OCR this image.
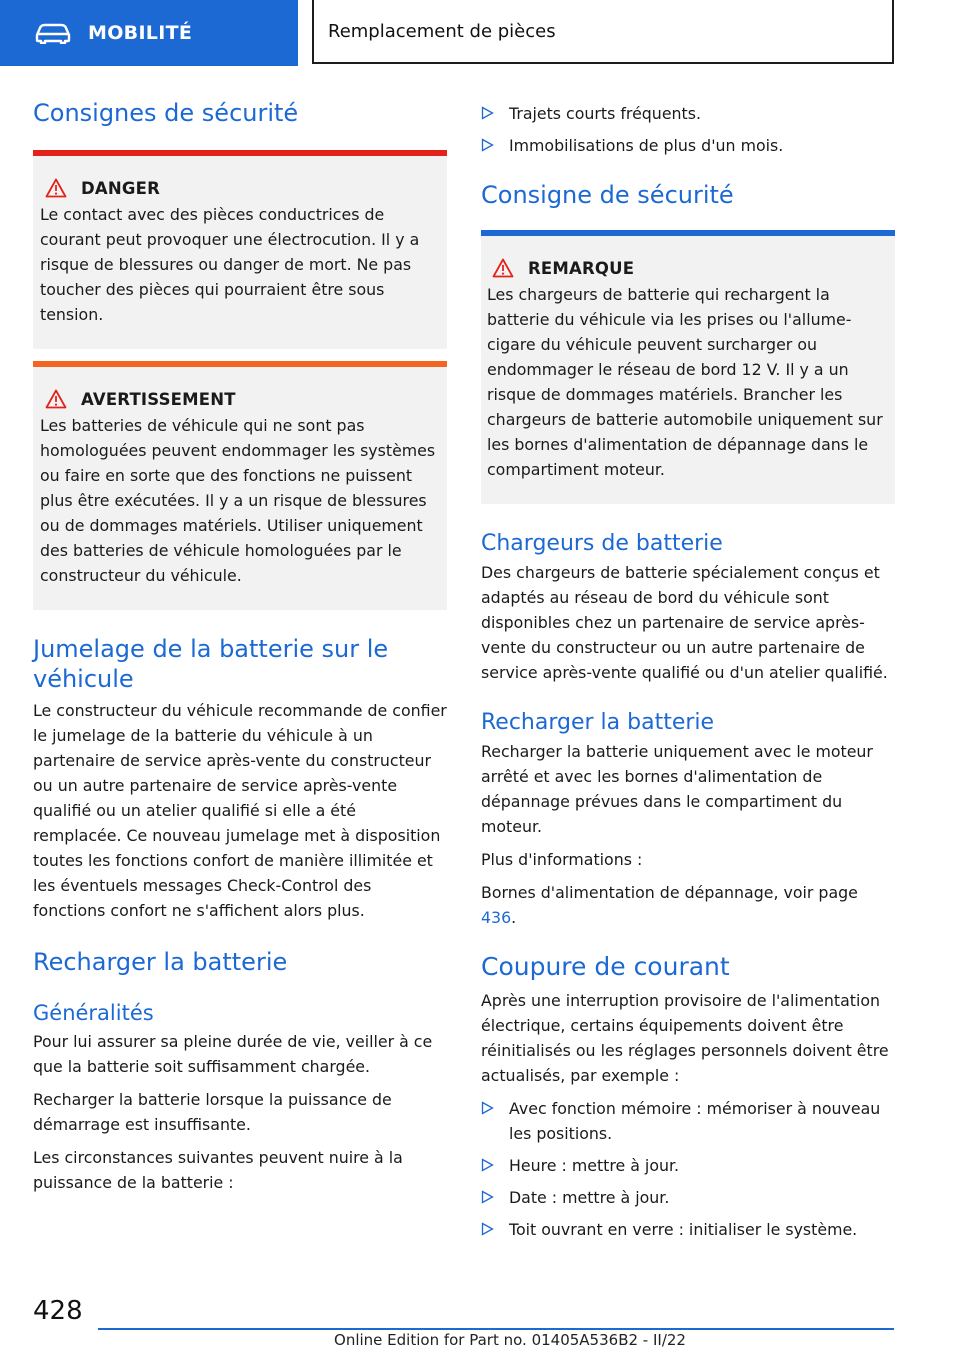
MOBILITÉ	Remplacement de pièces
Consignes de sécurité
DANGER

Le contact avec des pièces conductrices de courant peut provoquer une électrocution. Il y a risque de blessures ou danger de mort. Ne pas toucher des pièces qui pourraient être sous tension.

AVERTISSEMENT

Les batteries de véhicule qui ne sont pas homologuées peuvent endommager les systèmes ou faire en sorte que des fonctions ne puissent plus être exécutées. Il y a un risque de blessures ou de dommages matériels. Utiliser uniquement des batteries de véhicule homologuées par le constructeur du véhicule.

Jumelage de la batterie sur le véhicule

Le constructeur du véhicule recommande de confier le jumelage de la batterie du véhicule à un partenaire de service après-vente du constructeur ou un autre partenaire de service après-vente qualifié ou un atelier qualifié si elle a été remplacée. Ce nouveau jumelage met à disposition toutes les fonctions confort de manière illimitée et les éventuels messages Check-Control des fonctions confort ne s'affichent alors plus.

Recharger la batterie
Généralités

Pour lui assurer sa pleine durée de vie, veiller à ce que la batterie soit suffisamment chargée.

Recharger la batterie lorsque la puissance de démarrage est insuffisante.

Les circonstances suivantes peuvent nuire à la puissance de la batterie :

Trajets courts fréquents.
Immobilisations de plus d'un mois.
Consigne de sécurité
REMARQUE

Les chargeurs de batterie qui rechargent la batterie du véhicule via les prises ou l'allume-cigare du véhicule peuvent surcharger ou endommager le réseau de bord 12 V. Il y a un risque de dommages matériels. Brancher les chargeurs de batterie automobile uniquement sur les bornes d'alimentation de dépannage dans le compartiment moteur.

Chargeurs de batterie

Des chargeurs de batterie spécialement conçus et adaptés au réseau de bord du véhicule sont disponibles chez un partenaire de service après-vente du constructeur ou un autre partenaire de service après-vente qualifié ou d'un atelier qualifié.

Recharger la batterie

Recharger la batterie uniquement avec le moteur arrêté et avec les bornes d'alimentation de dépannage prévues dans le compartiment du moteur.

Plus d'informations :

Bornes d'alimentation de dépannage, voir page 436.

Coupure de courant

Après une interruption provisoire de l'alimentation électrique, certains équipements doivent être réinitialisés ou les réglages personnels doivent être actualisés, par exemple :

Avec fonction mémoire : mémoriser à nouveau les positions.
Heure : mettre à jour.
Date : mettre à jour.
Toit ouvrant en verre : initialiser le système.
428
Online Edition for Part no. 01405A536B2 - II/22
